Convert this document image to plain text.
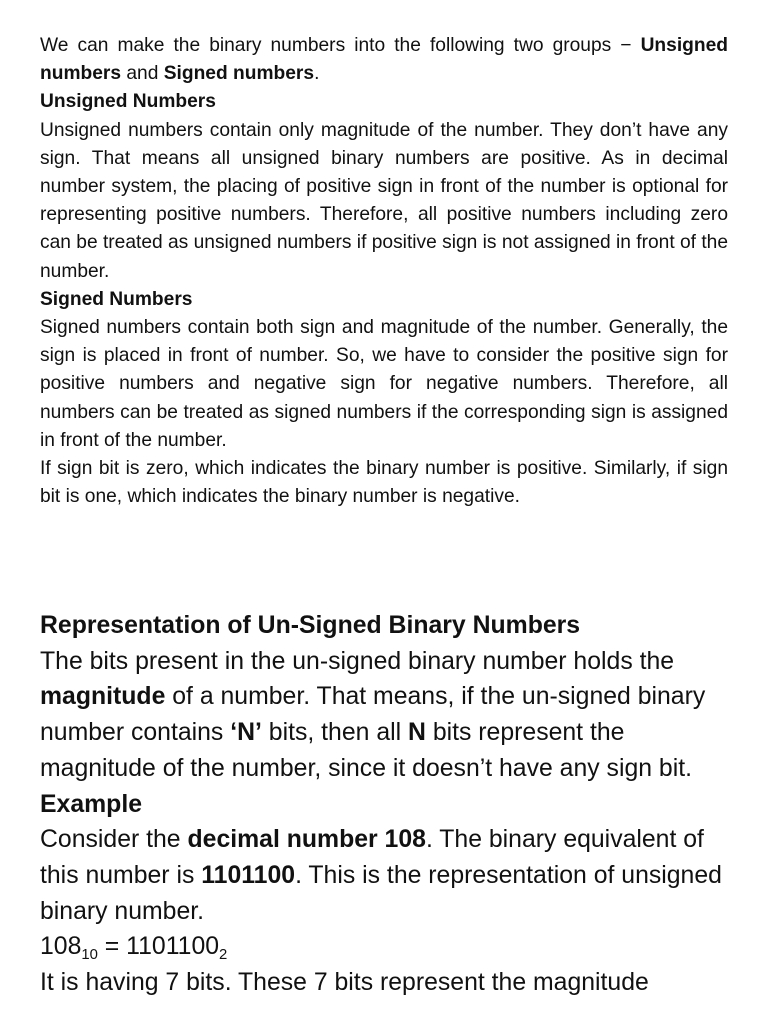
We can make the binary numbers into the following two groups − Unsigned numbers and Signed numbers.

Unsigned Numbers

Unsigned numbers contain only magnitude of the number. They don’t have any sign. That means all unsigned binary numbers are positive. As in decimal number system, the placing of positive sign in front of the number is optional for representing positive numbers. Therefore, all positive numbers including zero can be treated as unsigned numbers if positive sign is not assigned in front of the number.

Signed Numbers

Signed numbers contain both sign and magnitude of the number. Generally, the sign is placed in front of number. So, we have to consider the positive sign for positive numbers and negative sign for negative numbers. Therefore, all numbers can be treated as signed numbers if the corresponding sign is assigned in front of the number.

If sign bit is zero, which indicates the binary number is positive. Similarly, if sign bit is one, which indicates the binary number is negative.

Representation of Un-Signed Binary Numbers

The bits present in the un-signed binary number holds the magnitude of a number. That means, if the un-signed binary number contains ‘N’ bits, then all N bits represent the magnitude of the number, since it doesn’t have any sign bit.

Example

Consider the decimal number 108. The binary equivalent of this number is 1101100. This is the representation of unsigned binary number.

$108_{10} = 1101100_2$

It is having 7 bits. These 7 bits represent the magnitude
